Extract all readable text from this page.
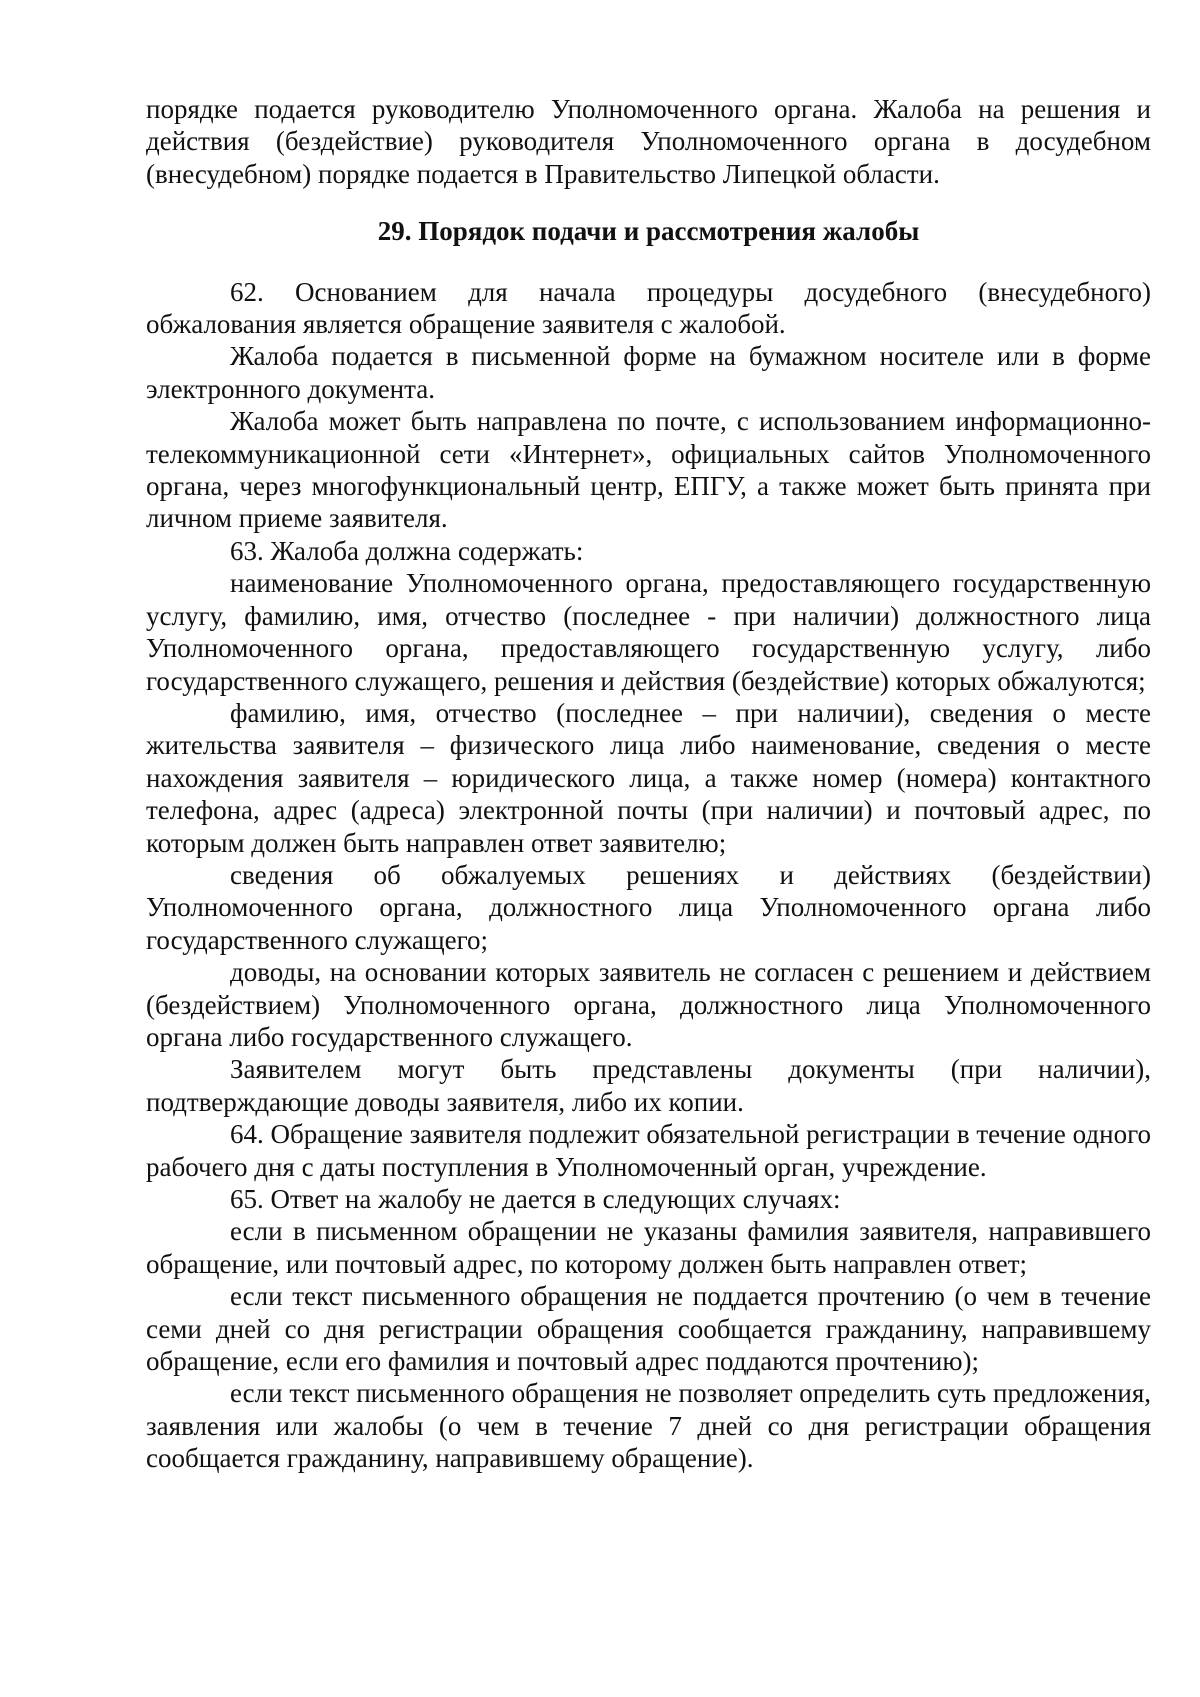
порядке подается руководителю Уполномоченного органа. Жалоба на решения и действия (бездействие) руководителя Уполномоченного органа в досудебном (внесудебном) порядке подается в Правительство Липецкой области.

29. Порядок подачи и рассмотрения жалобы

62. Основанием для начала процедуры досудебного (внесудебного) обжалования является обращение заявителя с жалобой.

Жалоба подается в письменной форме на бумажном носителе или в форме электронного документа.

Жалоба может быть направлена по почте, с использованием информационно-телекоммуникационной сети «Интернет», официальных сайтов Уполномоченного органа, через многофункциональный центр, ЕПГУ, а также может быть принята при личном приеме заявителя.

63. Жалоба должна содержать:

наименование Уполномоченного органа, предоставляющего государственную услугу, фамилию, имя, отчество (последнее - при наличии) должностного лица Уполномоченного органа, предоставляющего государственную услугу, либо государственного служащего, решения и действия (бездействие) которых обжалуются;

фамилию, имя, отчество (последнее – при наличии), сведения о месте жительства заявителя – физического лица либо наименование, сведения о месте нахождения заявителя – юридического лица, а также номер (номера) контактного телефона, адрес (адреса) электронной почты (при наличии) и почтовый адрес, по которым должен быть направлен ответ заявителю;

сведения об обжалуемых решениях и действиях (бездействии) Уполномоченного органа, должностного лица Уполномоченного органа либо государственного служащего;

доводы, на основании которых заявитель не согласен с решением и действием (бездействием) Уполномоченного органа, должностного лица Уполномоченного органа либо государственного служащего.

Заявителем могут быть представлены документы (при наличии), подтверждающие доводы заявителя, либо их копии.

64. Обращение заявителя подлежит обязательной регистрации в течение одного рабочего дня с даты поступления в Уполномоченный орган, учреждение.

65. Ответ на жалобу не дается в следующих случаях:

если в письменном обращении не указаны фамилия заявителя, направившего обращение, или почтовый адрес, по которому должен быть направлен ответ;

если текст письменного обращения не поддается прочтению (о чем в течение семи дней со дня регистрации обращения сообщается гражданину, направившему обращение, если его фамилия и почтовый адрес поддаются прочтению);

если текст письменного обращения не позволяет определить суть предложения, заявления или жалобы (о чем в течение 7 дней со дня регистрации обращения сообщается гражданину, направившему обращение).
